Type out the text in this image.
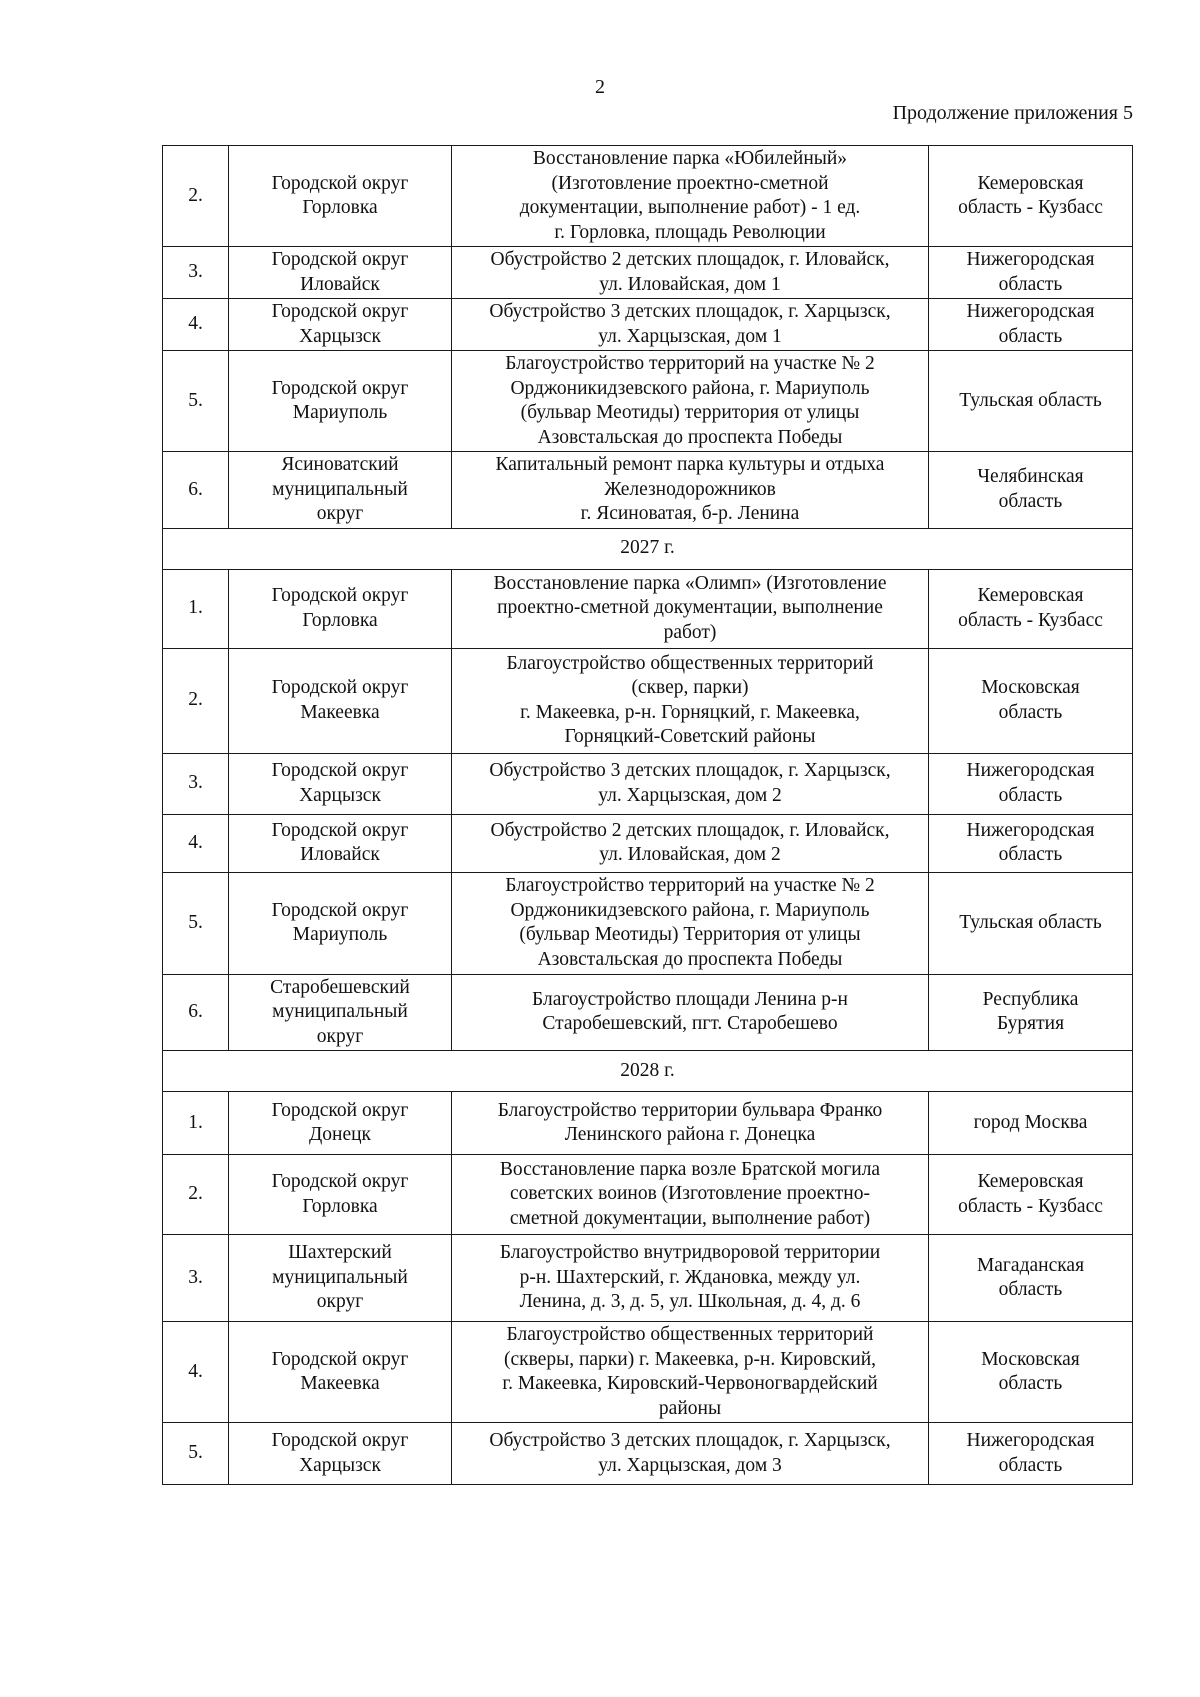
2
Продолжение приложения 5
2.	Городской округ
Горловка	Восстановление парка «Юбилейный»
(Изготовление проектно-сметной
документации, выполнение работ) - 1 ед.
г. Горловка, площадь Революции	Кемеровская
область - Кузбасс

3.	Городской округ
Иловайск	Обустройство 2 детских площадок, г. Иловайск,
ул. Иловайская, дом 1	Нижегородская
область

4.	Городской округ
Харцызск	Обустройство 3 детских площадок, г. Харцызск,
ул. Харцызская, дом 1	Нижегородская
область

5.	Городской округ
Мариуполь	Благоустройство территорий на участке № 2
Орджоникидзевского района, г. Мариуполь
(бульвар Меотиды) территория от улицы
Азовстальская до проспекта Победы	Тульская область

6.	Ясиноватский
муниципальный
округ	Капитальный ремонт парка культуры и отдыха
Железнодорожников
г. Ясиноватая, б-р. Ленина	Челябинская
область

2027 г.			
1.	Городской округ
Горловка	Восстановление парка «Олимп» (Изготовление
проектно-сметной документации, выполнение
работ)	Кемеровская
область - Кузбасс

2.	Городской округ
Макеевка	Благоустройство общественных территорий
(сквер, парки)
г. Макеевка, р-н. Горняцкий, г. Макеевка,
Горняцкий-Советский районы	Московская
область

3.	Городской округ
Харцызск	Обустройство 3 детских площадок, г. Харцызск,
ул. Харцызская, дом 2	Нижегородская
область

4.	Городской округ
Иловайск	Обустройство 2 детских площадок, г. Иловайск,
ул. Иловайская, дом 2	Нижегородская
область

5.	Городской округ
Мариуполь	Благоустройство территорий на участке № 2
Орджоникидзевского района, г. Мариуполь
(бульвар Меотиды) Территория от улицы
Азовстальская до проспекта Победы	Тульская область

6.	Старобешевский
муниципальный
округ	Благоустройство площади Ленина р-н
Старобешевский, пгт. Старобешево	Республика
Бурятия

2028 г.			
1.	Городской округ
Донецк	Благоустройство территории бульвара Франко
Ленинского района г. Донецка	город Москва

2.	Городской округ
Горловка	Восстановление парка возле Братской могила
советских воинов (Изготовление проектно-
сметной документации, выполнение работ)	Кемеровская
область - Кузбасс

3.	Шахтерский
муниципальный
округ	Благоустройство внутридворовой территории
р-н. Шахтерский, г. Ждановка, между ул.
Ленина, д. 3, д. 5, ул. Школьная, д. 4, д. 6	Магаданская
область

4.	Городской округ
Макеевка	Благоустройство общественных территорий
(скверы, парки) г. Макеевка, р-н. Кировский,
г. Макеевка, Кировский-Червоногвардейский
районы	Московская
область

5.	Городской округ
Харцызск	Обустройство 3 детских площадок, г. Харцызск,
ул. Харцызская, дом 3	Нижегородская
область
